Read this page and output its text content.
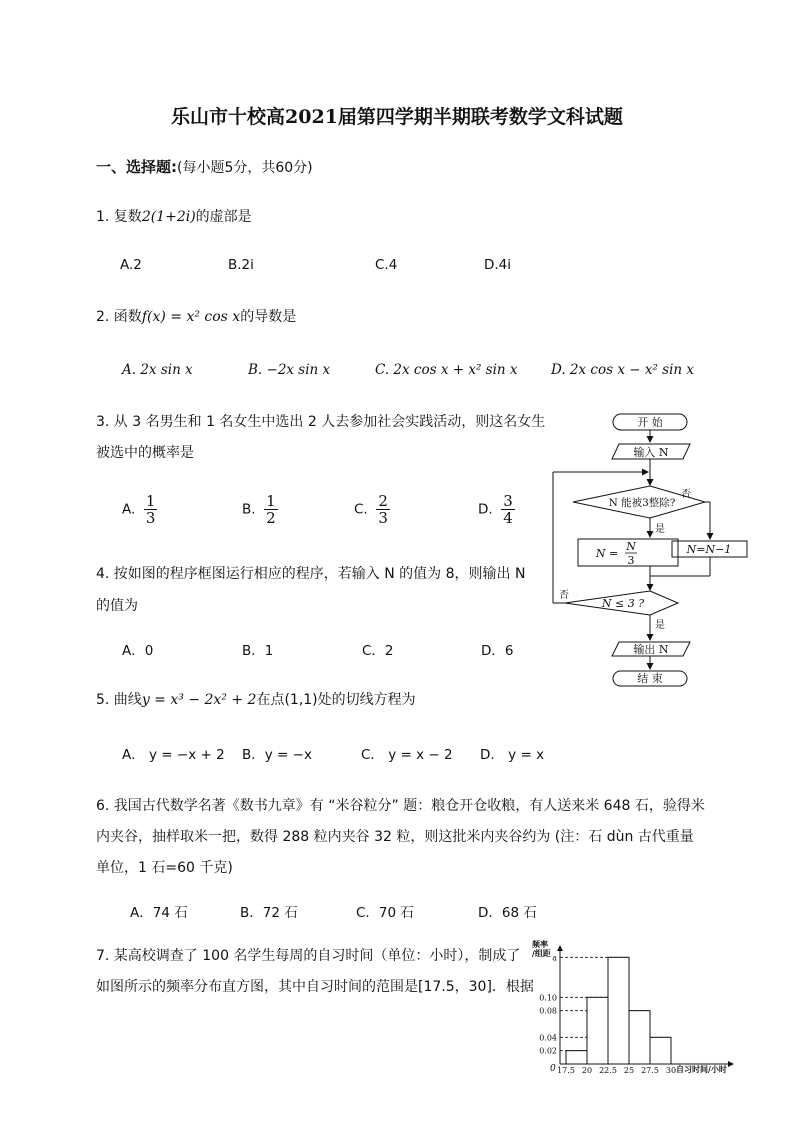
乐山市十校高2021届第四学期半期联考数学文科试题
一、选择题:(每小题5分，共60分)
1. 复数2(1+2i)的虚部是
A.2	B.2i	C.4	D.4i
2. 函数f(x) = x² cos x的导数是
A. 2x sin x	B. −2x sin x	C. 2x cos x + x² sin x D. 2x cos x − x² sin x
3. 从 3 名男生和 1 名女生中选出 2 人去参加社会实践活动，则这名女生
被选中的概率是
A. $\frac{1}{3}$	B. $\frac{1}{2}$	C. $\frac{2}{3}$	D. $\frac{3}{4}$
4. 按如图的程序框图运行相应的程序，若输入 N 的值为 8，则输出 N
的值为
A．0	B．1	C．2	D．6
开 始
输入 N
N 能被3整除?
否
是
N =
N
3
N=N−1
N ≤ 3 ?
否
是
输出 N
结 束
5. 曲线y = x³ − 2x² + 2在点(1,1)处的切线方程为
A． y = −x + 2 B．y = −x	C． y = x − 2 D． y = x
6. 我国古代数学名著《数书九章》有 “米谷粒分” 题：粮仓开仓收粮，有人送来米 648 石，验得米
内夹谷，抽样取米一把，数得 288 粒内夹谷 32 粒，则这批米内夹谷约为 (注：石 dùn 古代重量
单位，1 石=60 千克)
A．74 石	B．72 石	C．70 石	D．68 石
7. 某高校调查了 100 名学生每周的自习时间（单位：小时），制成了
如图所示的频率分布直方图，其中自习时间的范围是[17.5，30]．根据
频率/组距
0	自习时间/小时
a
0.10
0.08
0.04
0.02
17.5 20 22.5 25 27.5 30
